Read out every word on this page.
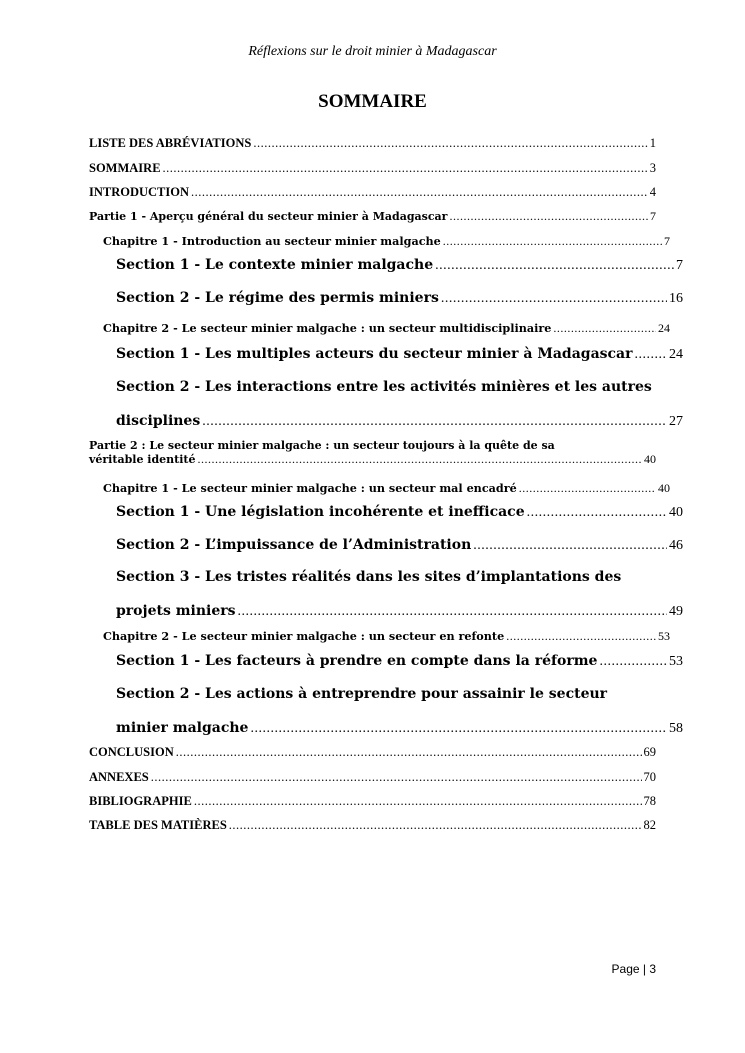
Réflexions sur le droit minier à Madagascar
SOMMAIRE
LISTE DES ABRÉVIATIONS .....	1
SOMMAIRE .....	3
INTRODUCTION .....	4
Partie 1 - Aperçu général du secteur minier à Madagascar .....	7
Chapitre 1 - Introduction au secteur minier malgache .....	7
Section 1 - Le contexte minier malgache .....	7
Section 2 - Le régime des permis miniers .....	16
Chapitre 2 - Le secteur minier malgache : un secteur multidisciplinaire .....	24
Section 1 - Les multiples acteurs du secteur minier à Madagascar .....	24
Section 2 - Les interactions entre les activités minières et les autres
disciplines .....	27
Partie 2 : Le secteur minier malgache : un secteur toujours à la quête de sa
véritable identité .....	40
Chapitre 1 - Le secteur minier malgache : un secteur mal encadré .....	40
Section 1 - Une législation incohérente et inefficace .....	40
Section 2 - L’impuissance de l’Administration .....	46
Section 3 - Les tristes réalités dans les sites d’implantations des
projets miniers .....	49
Chapitre 2 - Le secteur minier malgache : un secteur en refonte .....	53
Section 1 - Les facteurs à prendre en compte dans la réforme .....	53
Section 2 - Les actions à entreprendre pour assainir le secteur
minier malgache .....	58
CONCLUSION .....	69
ANNEXES .....	70
BIBLIOGRAPHIE .....	78
TABLE DES MATIÈRES .....	82
Page | 3
